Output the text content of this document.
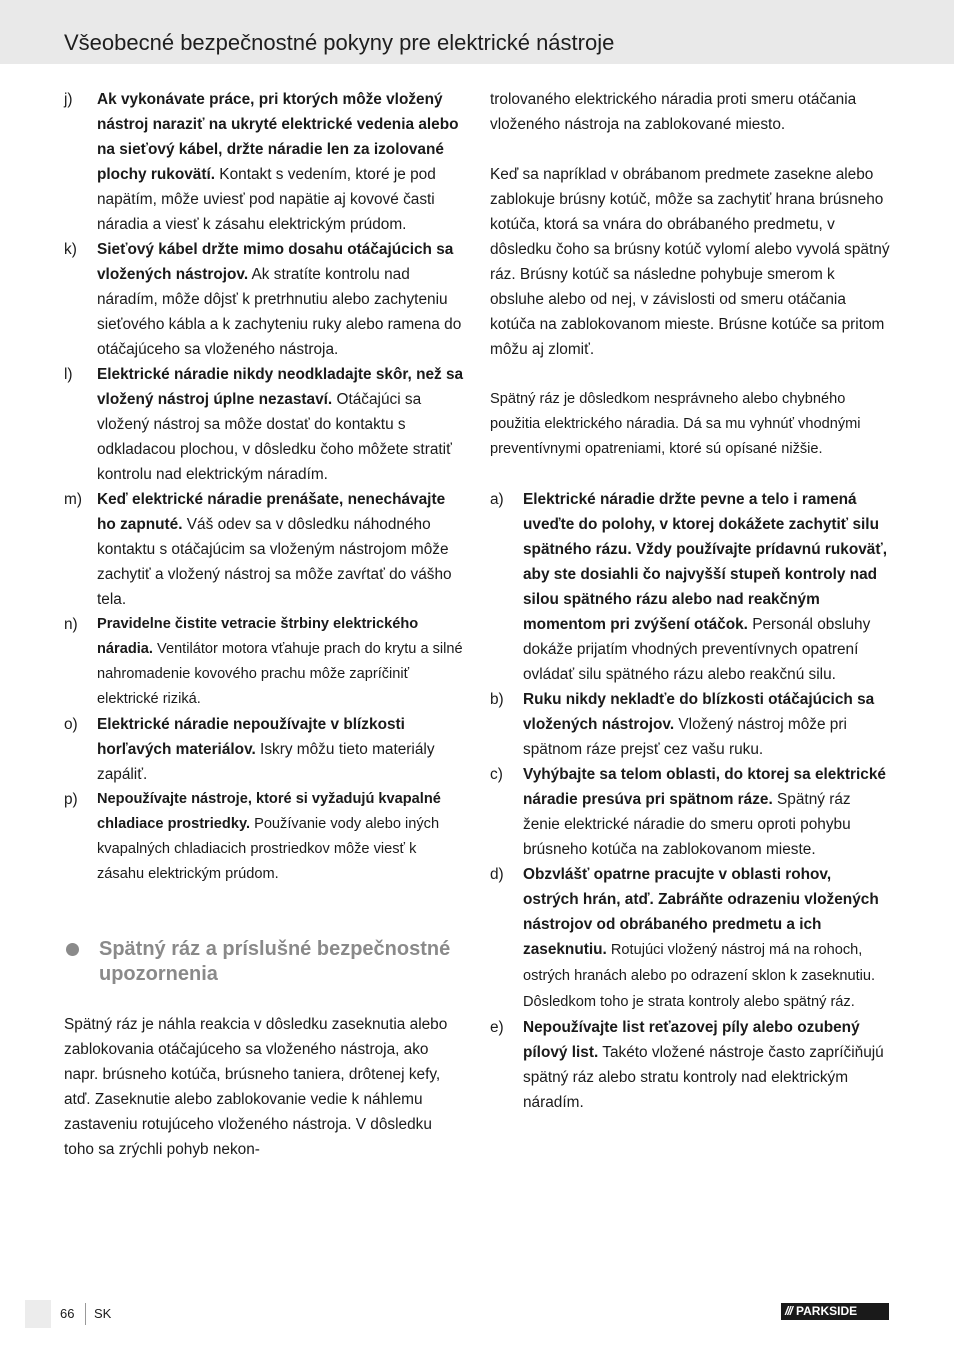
Všeobecné bezpečnostné pokyny pre elektrické nástroje
j)	Ak vykonávate práce, pri ktorých môže vložený nástroj naraziť na ukryté elektrické vedenia alebo na sieťový kábel, držte náradie len za izolované plochy rukovätí. Kontakt s vedením, ktoré je pod napätím, môže uviesť pod napätie aj kovové časti náradia a viesť k zásahu elektrickým prúdom.
k)	Sieťový kábel držte mimo dosahu otáčajúcich sa vložených nástrojov. Ak stratíte kontrolu nad náradím, môže dôjsť k pretrhnutiu alebo zachyteniu sieťového kábla a k zachyteniu ruky alebo ramena do otáčajúceho sa vloženého nástroja.
l)	Elektrické náradie nikdy neodkladajte skôr, než sa vložený nástroj úplne nezastaví. Otáčajúci sa vložený nástroj sa môže dostať do kontaktu s odkladacou plochou, v dôsledku čoho môžete stratiť kontrolu nad elektrickým náradím.
m) Keď elektrické náradie prenášate, nenechávajte ho zapnuté. Váš odev sa v dôsledku náhodného kontaktu s otáčajúcim sa vloženým nástrojom môže zachytiť a vložený nástroj sa môže zavŕtať do vášho tela.
n)	Pravidelne čistite vetracie štrbiny elektrického náradia. Ventilátor motora vťahuje prach do krytu a silné nahromadenie kovového prachu môže zapríčiniť elektrické riziká.
o)	Elektrické náradie nepoužívajte v blízkosti horľavých materiálov. Iskry môžu tieto materiály zapáliť.
p)	Nepoužívajte nástroje, ktoré si vyžadujú kvapalné chladiace prostriedky. Používanie vody alebo iných kvapalných chladiacich prostriedkov môže viesť k zásahu elektrickým prúdom.
Spätný ráz a príslušné bezpečnostné upozornenia

Spätný ráz je náhla reakcia v dôsledku zaseknutia alebo zablokovania otáčajúceho sa vloženého nástroja, ako napr. brúsneho kotúča, brúsneho taniera, drôtenej kefy, atď. Zaseknutie alebo zablokovanie vedie k náhlemu zastaveniu rotujúceho vloženého nástroja. V dôsledku toho sa zrýchli pohyb nekon-

trolovaného elektrického náradia proti smeru otáčania vloženého nástroja na zablokované miesto.

Keď sa napríklad v obrábanom predmete zasekne alebo zablokuje brúsny kotúč, môže sa zachytiť hrana brúsneho kotúča, ktorá sa vnára do obrábaného predmetu, v dôsledku čoho sa brúsny kotúč vylomí alebo vyvolá spätný ráz. Brúsny kotúč sa následne pohybuje smerom k obsluhe alebo od nej, v závislosti od smeru otáčania kotúča na zablokovanom mieste. Brúsne kotúče sa pritom môžu aj zlomiť.

Spätný ráz je dôsledkom nesprávneho alebo chybného použitia elektrického náradia. Dá sa mu vyhnúť vhodnými preventívnymi opatreniami, ktoré sú opísané nižšie.

a)	Elektrické náradie držte pevne a telo i ramená uveďte do polohy, v ktorej dokážete zachytiť silu spätného rázu. Vždy používajte prídavnú rukoväť, aby ste dosiahli čo najvyšší stupeň kontroly nad silou spätného rázu alebo nad reakčným momentom pri zvýšení otáčok. Personál obsluhy dokáže prijatím vhodných preventívnych opatrení ovládať silu spätného rázu alebo reakčnú silu.
b)	Ruku nikdy nekladťe do blízkosti otáčajúcich sa vložených nástrojov. Vložený nástroj môže pri spätnom ráze prejsť cez vašu ruku.
c)	Vyhýbajte sa telom oblasti, do ktorej sa elektrické náradie presúva pri spätnom ráze. Spätný ráz ženie elektrické náradie do smeru oproti pohybu brúsneho kotúča na zablokovanom mieste.
d)	Obzvlášť opatrne pracujte v oblasti rohov, ostrých hrán, atď. Zabráňte odrazeniu vložených nástrojov od obrábaného predmetu a ich zaseknutiu. Rotujúci vložený nástroj má na rohoch, ostrých hranách alebo po odrazení sklon k zaseknutiu. Dôsledkom toho je strata kontroly alebo spätný ráz.
e)	Nepoužívajte list reťazovej píly alebo ozubený pílový list. Takéto vložené nástroje často zapríčiňujú spätný ráz alebo stratu kontroly nad elektrickým náradím.
66 SK	/// PARKSIDE
